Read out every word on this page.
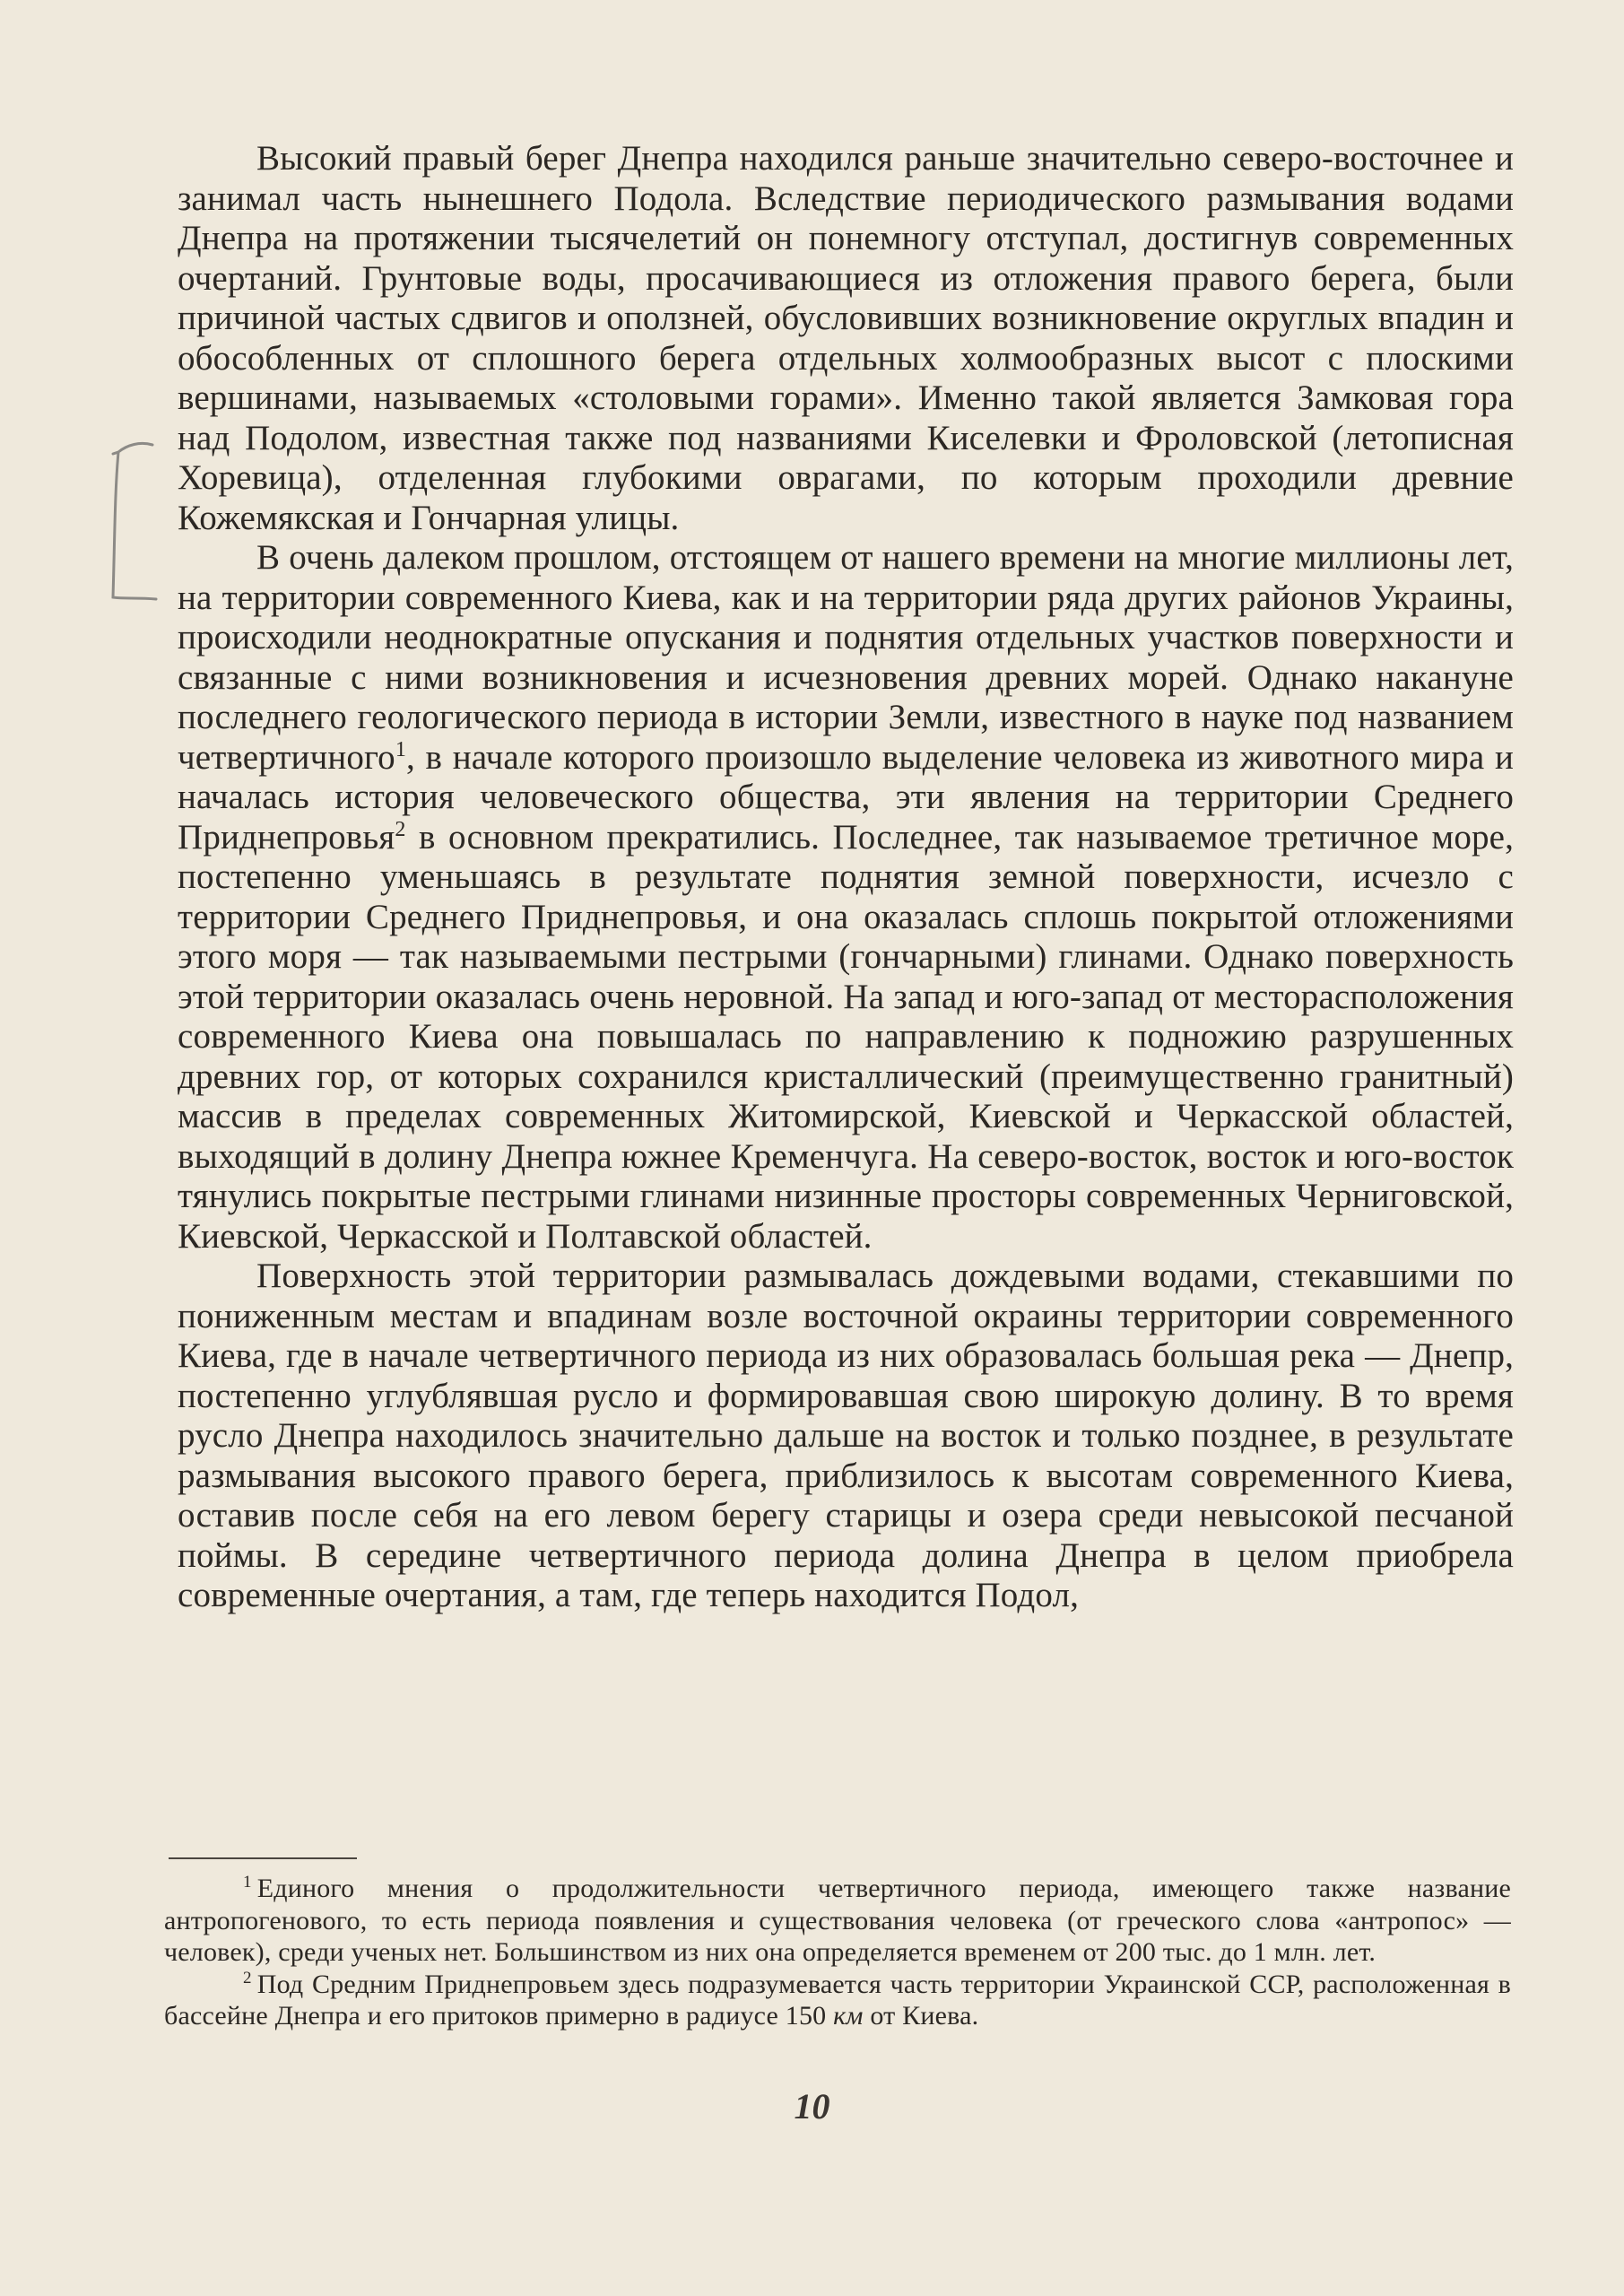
Высокий правый берег Днепра находился раньше значительно северо-восточнее и занимал часть нынешнего Подола. Вследствие периодического размывания водами Днепра на протяжении тысячелетий он понемногу отступал, достигнув современных очертаний. Грунтовые воды, просачивающиеся из отложения правого берега, были причиной частых сдвигов и оползней, обусловивших возникновение округлых впадин и обособленных от сплошного берега отдельных холмообразных высот с плоскими вершинами, называемых «столовыми горами». Именно такой является Замковая гора над Подолом, известная также под названиями Киселевки и Фроловской (летописная Хоревица), отделенная глубокими оврагами, по которым проходили древние Кожемякская и Гончарная улицы.

В очень далеком прошлом, отстоящем от нашего времени на многие миллионы лет, на территории современного Киева, как и на территории ряда других районов Украины, происходили неоднократные опускания и поднятия отдельных участков поверхности и связанные с ними возникновения и исчезновения древних морей. Однако накануне последнего геологического периода в истории Земли, известного в науке под названием четвертичного$^1$, в начале которого произошло выделение человека из животного мира и началась история человеческого общества, эти явления на территории Среднего Приднепровья$^2$ в основном прекратились. Последнее, так называемое третичное море, постепенно уменьшаясь в результате поднятия земной поверхности, исчезло с территории Среднего Приднепровья, и она оказалась сплошь покрытой отложениями этого моря — так называемыми пестрыми (гончарными) глинами. Однако поверхность этой территории оказалась очень неровной. На запад и юго-запад от месторасположения современного Киева она повышалась по направлению к подножию разрушенных древних гор, от которых сохранился кристаллический (преимущественно гранитный) массив в пределах современных Житомирской, Киевской и Черкасской областей, выходящий в долину Днепра южнее Кременчуга. На северо-восток, восток и юго-восток тянулись покрытые пестрыми глинами низинные просторы современных Черниговской, Киевской, Черкасской и Полтавской областей.

Поверхность этой территории размывалась дождевыми водами, стекавшими по пониженным местам и впадинам возле восточной окраины территории современного Киева, где в начале четвертичного периода из них образовалась большая река — Днепр, постепенно углублявшая русло и формировавшая свою широкую долину. В то время русло Днепра находилось значительно дальше на восток и только позднее, в результате размывания высокого правого берега, приблизилось к высотам современного Киева, оставив после себя на его левом берегу старицы и озера среди невысокой песчаной поймы. В середине четвертичного периода долина Днепра в целом приобрела современные очертания, а там, где теперь находится Подол,

$^1$ Единого мнения о продолжительности четвертичного периода, имеющего также название антропогенового, то есть периода появления и существования человека (от греческого слова «антропос» — человек), среди ученых нет. Большинством из них она определяется временем от 200 тыс. до 1 млн. лет.

$^2$ Под Средним Приднепровьем здесь подразумевается часть территории Украинской ССР, расположенная в бассейне Днепра и его притоков примерно в радиусе 150 км от Киева.

10
